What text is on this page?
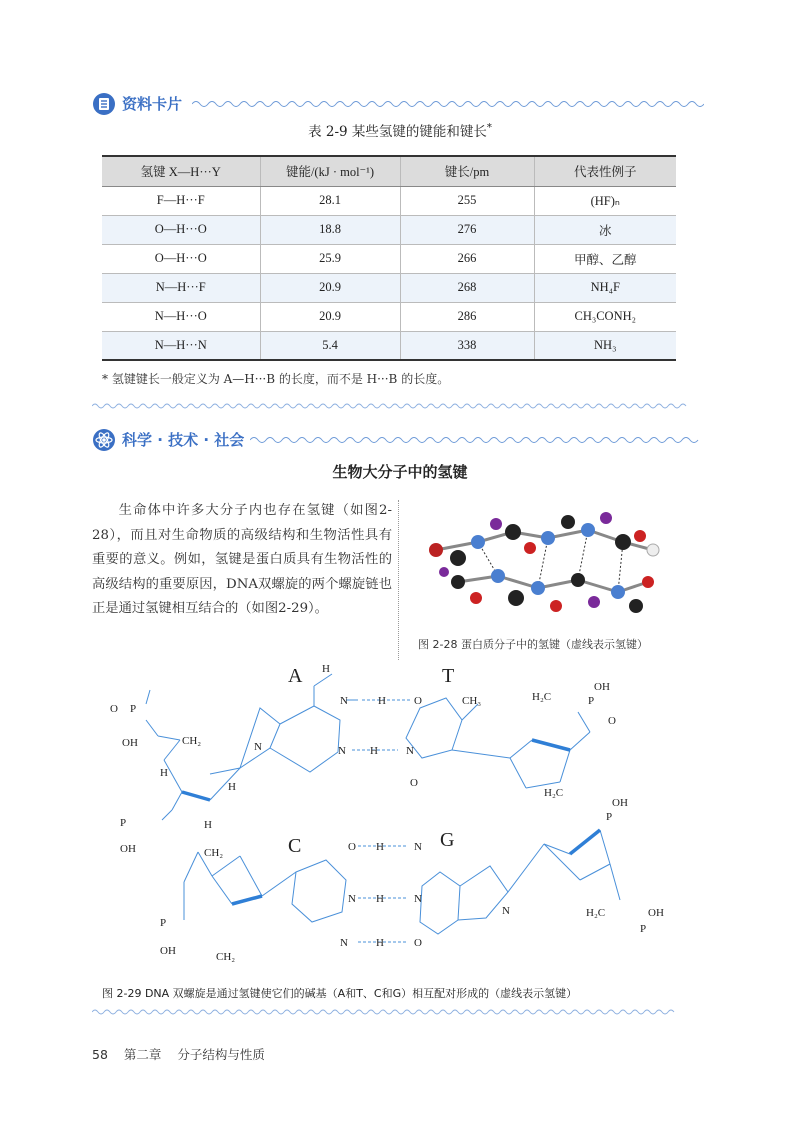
资料卡片
表 2-9 某些氢键的键能和键长*
氢键 X—H···Y	键能/(kJ · mol⁻¹)	键长/pm	代表性例子
F—H···F	28.1	255	(HF)ₙ
O—H···O	18.8	276	冰
O—H···O	25.9	266	甲醇、乙醇
N—H···F	20.9	268	NH₄F
N—H···O	20.9	286	CH₃CONH₂
N—H···N	5.4	338	NH₃
* 氢键键长一般定义为 A—H···B 的长度，而不是 H···B 的长度。
科学 · 技术 · 社会
生物大分子中的氢键
生命体中许多大分子内也存在氢键（如图2-28），而且对生命物质的高级结构和生物活性具有重要的意义。例如，氢键是蛋白质具有生物活性的高级结构的重要原因，DNA双螺旋的两个螺旋链也正是通过氢键相互结合的（如图2-29）。
图 2-28 蛋白质分子中的氢键（虚线表示氢键）
A	T
C	G
P
O
OH	CH₂
H
H
H
N
N
H
N
H
H
O
N
CH₃
O
H₂C	P
OH
O
H₂C
P
OH
P
OH	CH₂	O H	N
N H	N
N	H	O
N
P
OH	CH₂
H₂C
P
OH
图 2-29 DNA 双螺旋是通过氢键使它们的碱基（A和T、C和G）相互配对形成的（虚线表示氢键）
58 第二章 分子结构与性质
